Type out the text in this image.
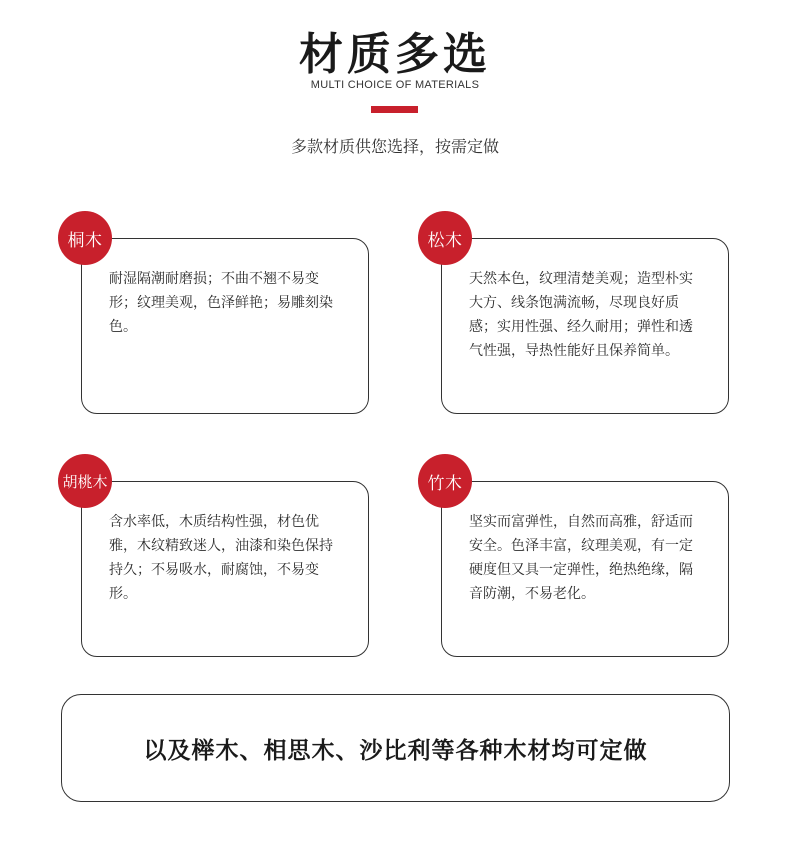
材质多选
MULTI CHOICE OF MATERIALS
多款材质供您选择，按需定做
耐湿隔潮耐磨损；不曲不翘不易变形；纹理美观，色泽鲜艳；易雕刻染色。
桐木
天然本色，纹理清楚美观；造型朴实大方、线条饱满流畅，尽现良好质感；实用性强、经久耐用；弹性和透气性强，导热性能好且保养简单。
松木
含水率低，木质结构性强，材色优雅，木纹精致迷人，油漆和染色保持持久；不易吸水，耐腐蚀，不易变形。
胡桃木
坚实而富弹性，自然而高雅，舒适而安全。色泽丰富，纹理美观，有一定硬度但又具一定弹性，绝热绝缘，隔音防潮，不易老化。
竹木
以及榉木、相思木、沙比利等各种木材均可定做
